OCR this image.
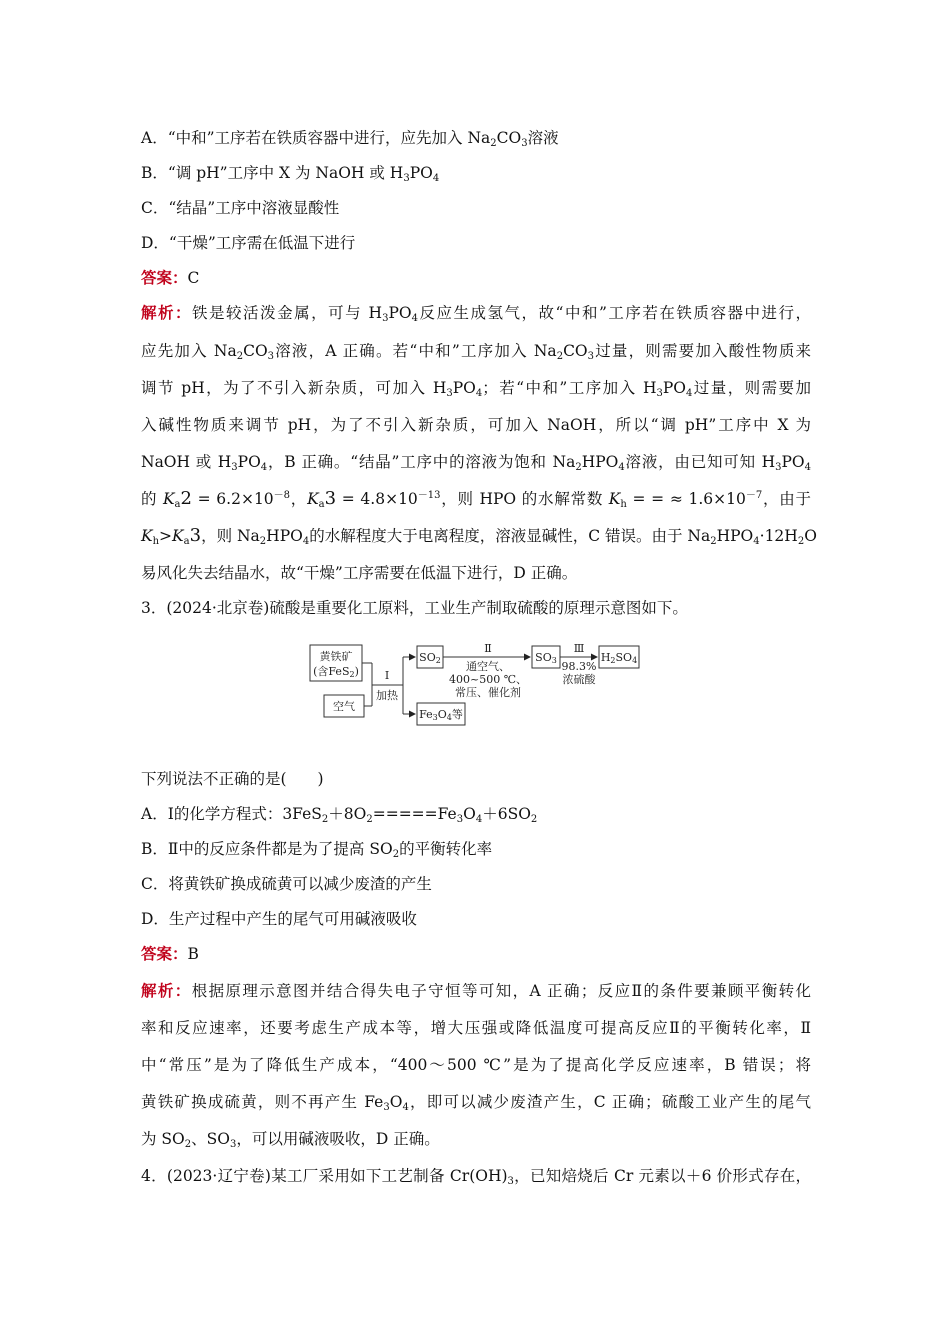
A．“中和”工序若在铁质容器中进行，应先加入 $Na_2CO_3$溶液
B．“调 pH”工序中 X 为 NaOH 或 $H_3PO_4$
C．“结晶”工序中溶液显酸性
D．“干燥”工序需在低温下进行
答案：C
解析：铁是较活泼金属，可与 $H_3PO_4$反应生成氢气，故“中和”工序若在铁质容器中进行，
应先加入 $Na_2CO_3$溶液，A 正确。若“中和”工序加入 $Na_2CO_3$过量，则需要加入酸性物质来
调节 pH，为了不引入新杂质，可加入 $H_3PO_4$；若“中和”工序加入 $H_3PO_4$过量，则需要加
入碱性物质来调节 pH，为了不引入新杂质，可加入 NaOH，所以“调 pH”工序中 X 为
NaOH 或 $H_3PO_4$，B 正确。“结晶”工序中的溶液为饱和 $Na_2HPO_4$溶液，由已知可知 $H_3PO_4$
的 $K_a2 = 6.2\times 10^{-8}$，$K_a3 = 4.8\times 10^{-13}$，则 HPO 的水解常数 $K_h$ = = ≈ $1.6\times 10^{-7}$，由于
$K_h>K_a3$，则 $Na_2HPO_4$的水解程度大于电离程度，溶液显碱性，C 错误。由于 $Na_2HPO_4\cdot 12H_2O$
易风化失去结晶水，故“干燥”工序需要在低温下进行，D 正确。
3．(2024·北京卷)硫酸是重要化工原料，工业生产制取硫酸的原理示意图如下。
黄铁矿
(含FeS2)
空气
Ⅰ
加热
SO2
Fe3O4等
Ⅱ
通空气、
400~500 ℃、
常压、催化剂
SO3
Ⅲ
98.3%
浓硫酸
H2SO4
下列说法不正确的是(　　)
A．Ⅰ的化学方程式：$3FeS_2+8O_2=====Fe_3O_4+6SO_2$
B．Ⅱ中的反应条件都是为了提高 $SO_2$的平衡转化率
C．将黄铁矿换成硫黄可以减少废渣的产生
D．生产过程中产生的尾气可用碱液吸收
答案：B
解析：根据原理示意图并结合得失电子守恒等可知，A 正确；反应Ⅱ的条件要兼顾平衡转化
率和反应速率，还要考虑生产成本等，增大压强或降低温度可提高反应Ⅱ的平衡转化率，Ⅱ
中“常压”是为了降低生产成本，“400～500 ℃”是为了提高化学反应速率，B 错误；将
黄铁矿换成硫黄，则不再产生 $Fe_3O_4$，即可以减少废渣产生，C 正确；硫酸工业产生的尾气
为 $SO_2$、$SO_3$，可以用碱液吸收，D 正确。
4．(2023·辽宁卷)某工厂采用如下工艺制备 $Cr(OH)_3$，已知焙烧后 Cr 元素以＋6 价形式存在，
